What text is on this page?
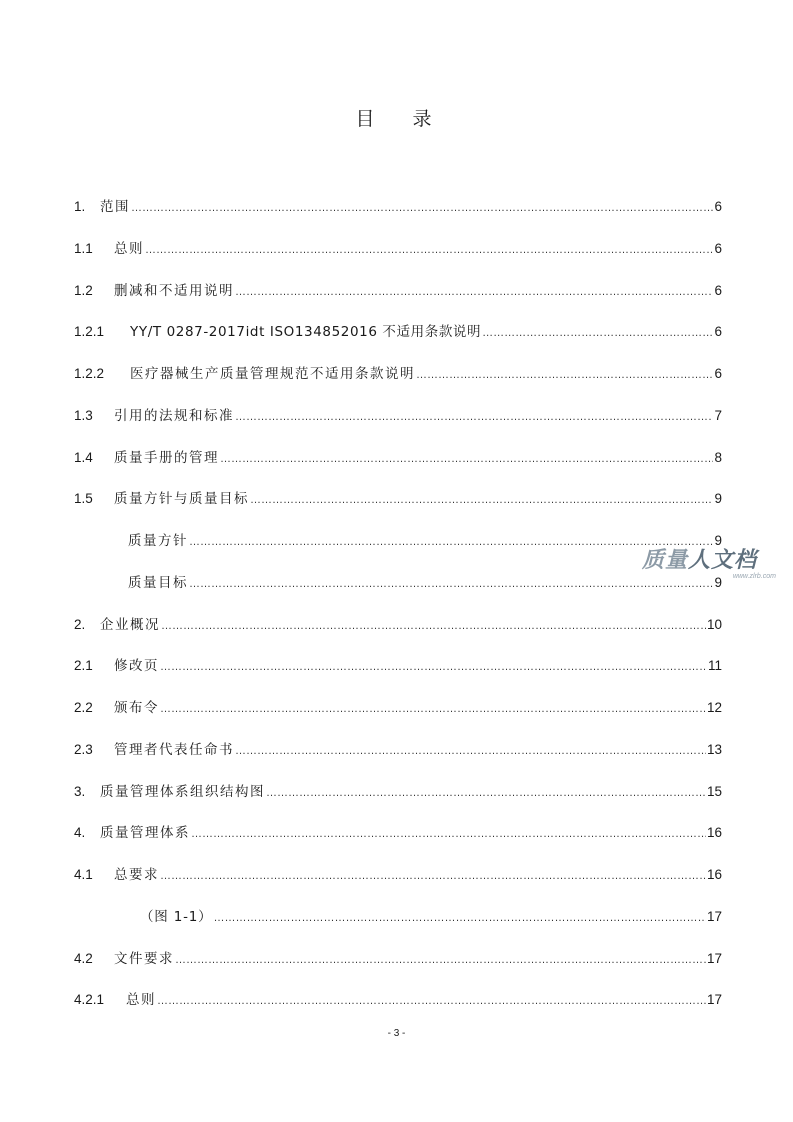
目 录
1.	范围 ………………………………………………………………………………………………………………………………………………………………………………………………………………………………………………………………	6
1.1	总则 ………………………………………………………………………………………………………………………………………………………………………………………………………………………………………………………………	6
1.2	删减和不适用说明 ………………………………………………………………………………………………………………………………………………………………………………………………………………………………………………………………	6
1.2.1	YY/T 0287-2017idt ISO134852016 不适用条款说明 ………………………………………………………………………………………………………………………………………………………………………………………………………………………………………………………………	6
1.2.2	医疗器械生产质量管理规范不适用条款说明 ………………………………………………………………………………………………………………………………………………………………………………………………………………………………………………………………	6
1.3	引用的法规和标准 ………………………………………………………………………………………………………………………………………………………………………………………………………………………………………………………………	7
1.4	质量手册的管理 ………………………………………………………………………………………………………………………………………………………………………………………………………………………………………………………………	8
1.5	质量方针与质量目标 ………………………………………………………………………………………………………………………………………………………………………………………………………………………………………………………………	9
质量方针 ………………………………………………………………………………………………………………………………………………………………………………………………………………………………………………………………	9
质量目标 ………………………………………………………………………………………………………………………………………………………………………………………………………………………………………………………………	9
2.	企业概况 ………………………………………………………………………………………………………………………………………………………………………………………………………………………………………………………………	10
2.1	修改页 ………………………………………………………………………………………………………………………………………………………………………………………………………………………………………………………………	11
2.2	颁布令 ………………………………………………………………………………………………………………………………………………………………………………………………………………………………………………………………	12
2.3	管理者代表任命书 ………………………………………………………………………………………………………………………………………………………………………………………………………………………………………………………………	13
3.	质量管理体系组织结构图 ………………………………………………………………………………………………………………………………………………………………………………………………………………………………………………………………	15
4.	质量管理体系 ………………………………………………………………………………………………………………………………………………………………………………………………………………………………………………………………	16
4.1	总要求 ………………………………………………………………………………………………………………………………………………………………………………………………………………………………………………………………	16
（图 1-1） ………………………………………………………………………………………………………………………………………………………………………………………………………………………………………………………………	17
4.2	文件要求 ………………………………………………………………………………………………………………………………………………………………………………………………………………………………………………………………	17
4.2.1	总则 ………………………………………………………………………………………………………………………………………………………………………………………………………………………………………………………………	17
质量人文档
www.zlrb.com
- 3 -
